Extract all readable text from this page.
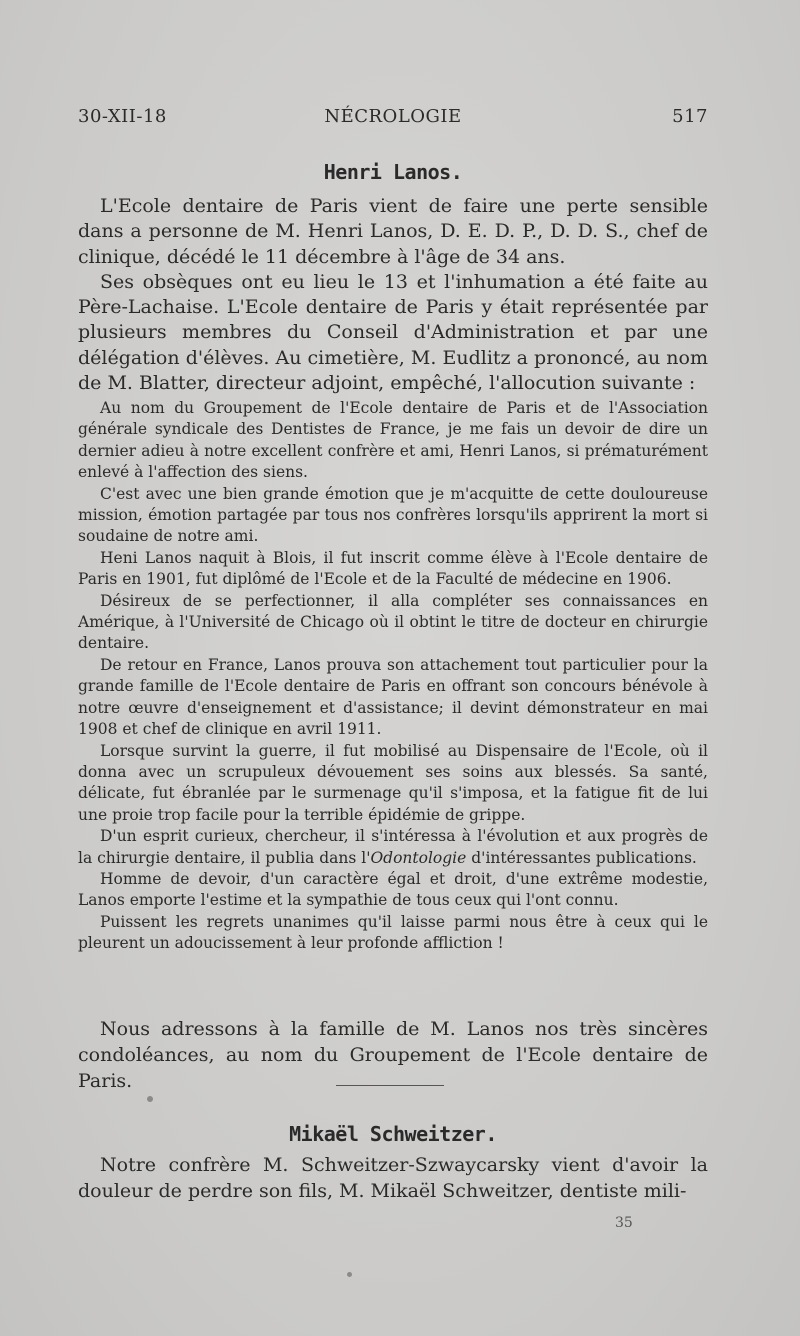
30-XII-18	NÉCROLOGIE	517
Henri Lanos.

L'Ecole dentaire de Paris vient de faire une perte sensible dans a personne de M. Henri Lanos, D. E. D. P., D. D. S., chef de clinique, décédé le 11 décembre à l'âge de 34 ans.

Ses obsèques ont eu lieu le 13 et l'inhumation a été faite au Père-Lachaise. L'Ecole dentaire de Paris y était représentée par plusieurs membres du Conseil d'Administration et par une délégation d'élèves. Au cimetière, M. Eudlitz a prononcé, au nom de M. Blatter, directeur adjoint, empêché, l'allocution suivante :

Au nom du Groupement de l'Ecole dentaire de Paris et de l'Association générale syndicale des Dentistes de France, je me fais un devoir de dire un dernier adieu à notre excellent confrère et ami, Henri Lanos, si prématurément enlevé à l'affection des siens.

C'est avec une bien grande émotion que je m'acquitte de cette douloureuse mission, émotion partagée par tous nos confrères lorsqu'ils apprirent la mort si soudaine de notre ami.

Heni Lanos naquit à Blois, il fut inscrit comme élève à l'Ecole dentaire de Paris en 1901, fut diplômé de l'Ecole et de la Faculté de médecine en 1906.

Désireux de se perfectionner, il alla compléter ses connaissances en Amérique, à l'Université de Chicago où il obtint le titre de docteur en chirurgie dentaire.

De retour en France, Lanos prouva son attachement tout particulier pour la grande famille de l'Ecole dentaire de Paris en offrant son concours bénévole à notre œuvre d'enseignement et d'assistance; il devint démonstrateur en mai 1908 et chef de clinique en avril 1911.

Lorsque survint la guerre, il fut mobilisé au Dispensaire de l'Ecole, où il donna avec un scrupuleux dévouement ses soins aux blessés. Sa santé, délicate, fut ébranlée par le surmenage qu'il s'imposa, et la fatigue fit de lui une proie trop facile pour la terrible épidémie de grippe.

D'un esprit curieux, chercheur, il s'intéressa à l'évolution et aux progrès de la chirurgie dentaire, il publia dans l'Odontologie d'intéressantes publications.

Homme de devoir, d'un caractère égal et droit, d'une extrême modestie, Lanos emporte l'estime et la sympathie de tous ceux qui l'ont connu.

Puissent les regrets unanimes qu'il laisse parmi nous être à ceux qui le pleurent un adoucissement à leur profonde affliction !

Nous adressons à la famille de M. Lanos nos très sincères condoléances, au nom du Groupement de l'Ecole dentaire de Paris.

Mikaël Schweitzer.

Notre confrère M. Schweitzer-Szwaycarsky vient d'avoir la douleur de perdre son fils, M. Mikaël Schweitzer, dentiste mili-

35
